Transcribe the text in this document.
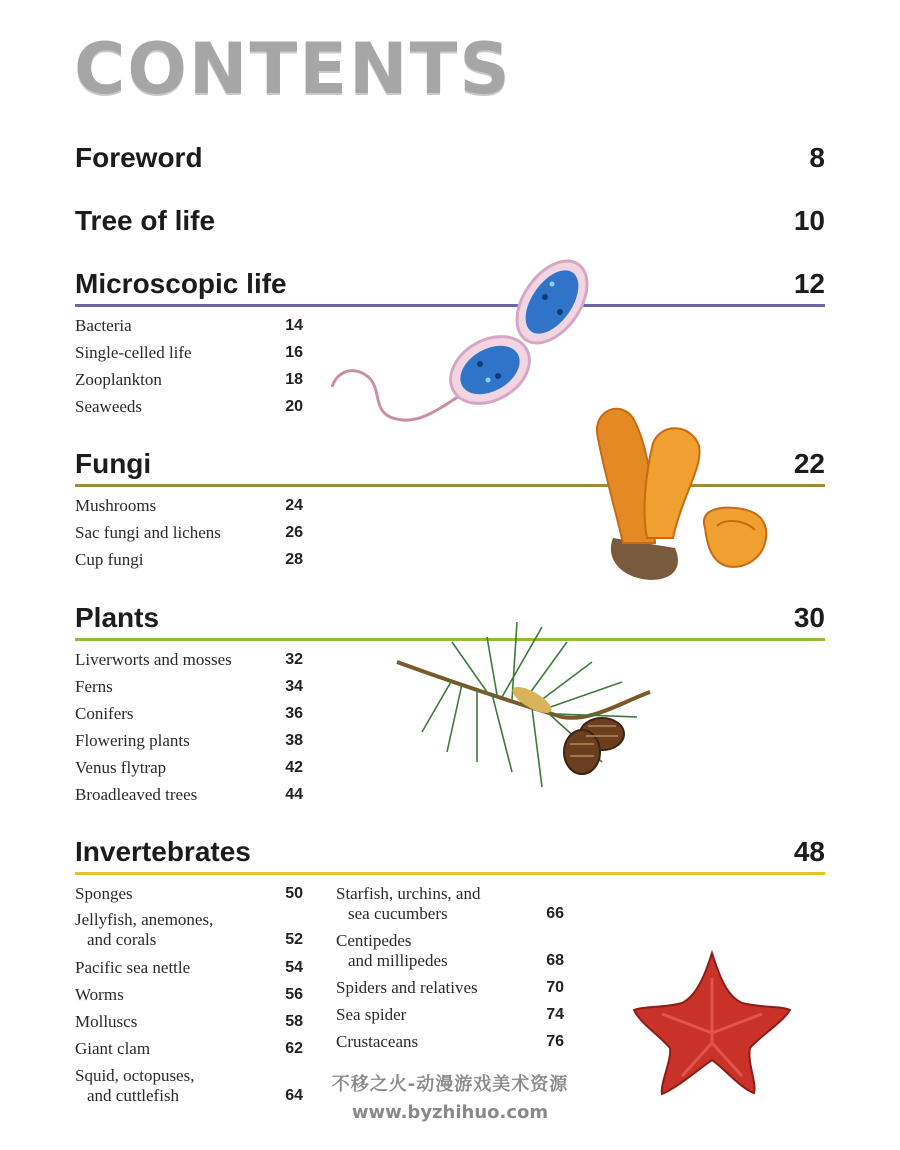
CONTENTS
Foreword	8
Tree of life	10
Microscopic life	12
Bacteria	14
Single-celled life	16
Zooplankton	18
Seaweeds	20
Fungi	22
Mushrooms	24
Sac fungi and lichens	26
Cup fungi	28
Plants	30
Liverworts and mosses	32
Ferns	34
Conifers	36
Flowering plants	38
Venus flytrap	42
Broadleaved trees	44
Invertebrates	48
Sponges	50
Jellyfish, anemones,
and corals	52
Pacific sea nettle	54
Worms	56
Molluscs	58
Giant clam	62
Squid, octopuses,
and cuttlefish	64
Starfish, urchins, and
sea cucumbers	66
Centipedes
and millipedes	68
Spiders and relatives	70
Sea spider	74
Crustaceans	76
不移之火-动漫游戏美术资源
www.byzhihuo.com
